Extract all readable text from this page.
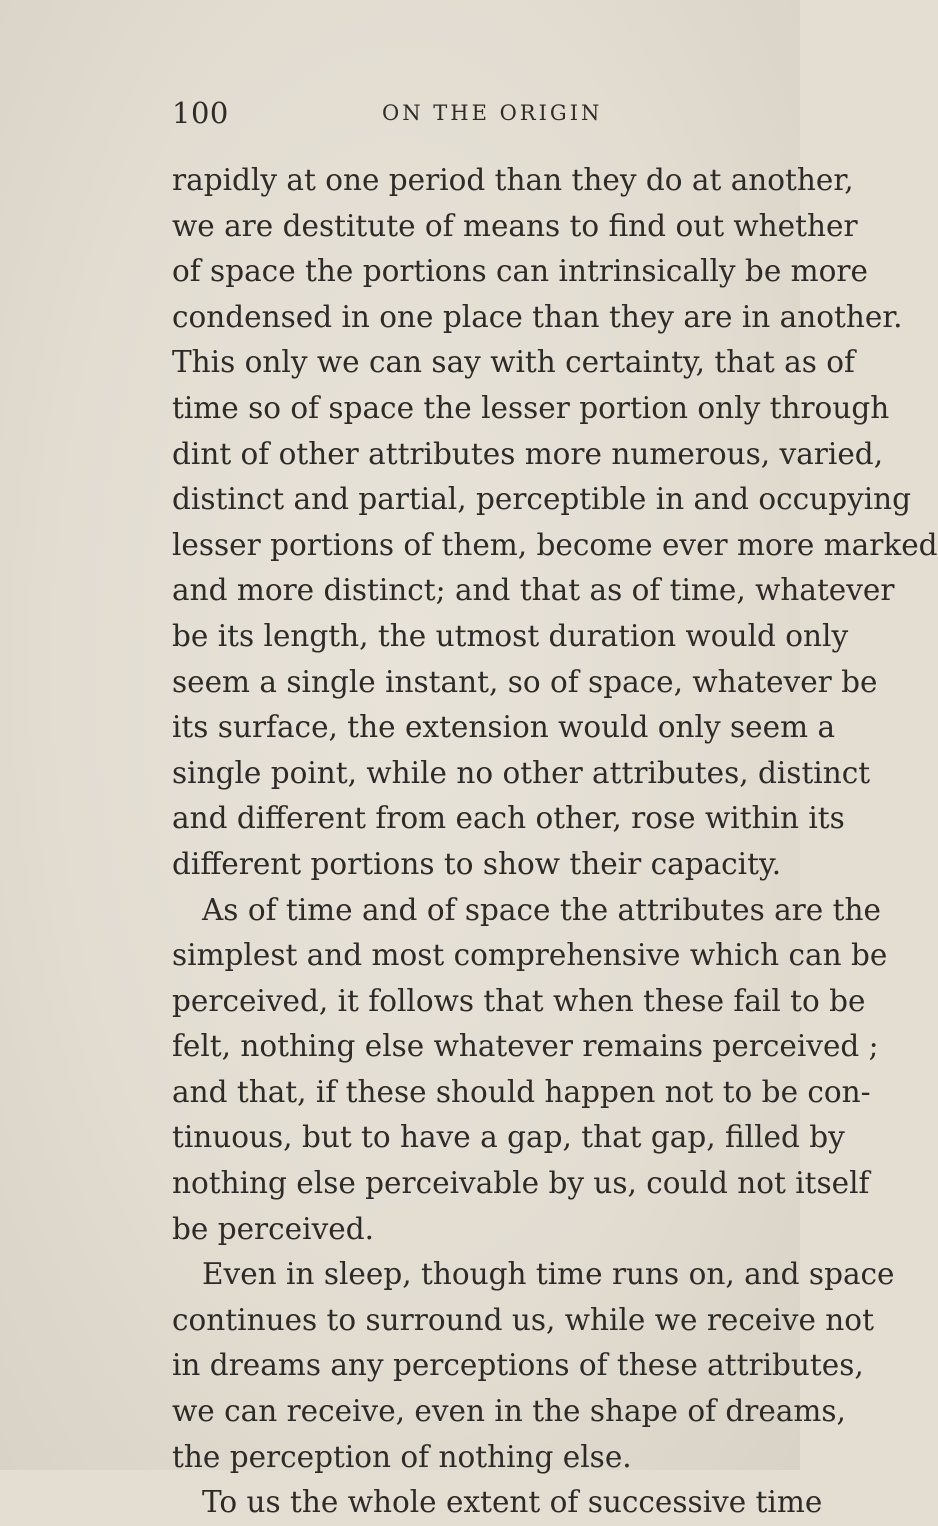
100	ON THE ORIGIN
rapidly at one period than they do at another,
we are destitute of means to find out whether
of space the portions can intrinsically be more
condensed in one place than they are in another.
This only we can say with certainty, that as of
time so of space the lesser portion only through
dint of other attributes more numerous, varied,
distinct and partial, perceptible in and occupying
lesser portions of them, become ever more marked
and more distinct; and that as of time, whatever
be its length, the utmost duration would only
seem a single instant, so of space, whatever be
its surface, the extension would only seem a
single point, while no other attributes, distinct
and different from each other, rose within its
different portions to show their capacity.
As of time and of space the attributes are the
simplest and most comprehensive which can be
perceived, it follows that when these fail to be
felt, nothing else whatever remains perceived ;
and that, if these should happen not to be con-
tinuous, but to have a gap, that gap, filled by
nothing else perceivable by us, could not itself
be perceived.
Even in sleep, though time runs on, and space
continues to surround us, while we receive not
in dreams any perceptions of these attributes,
we can receive, even in the shape of dreams,
the perception of nothing else.
To us the whole extent of successive time
